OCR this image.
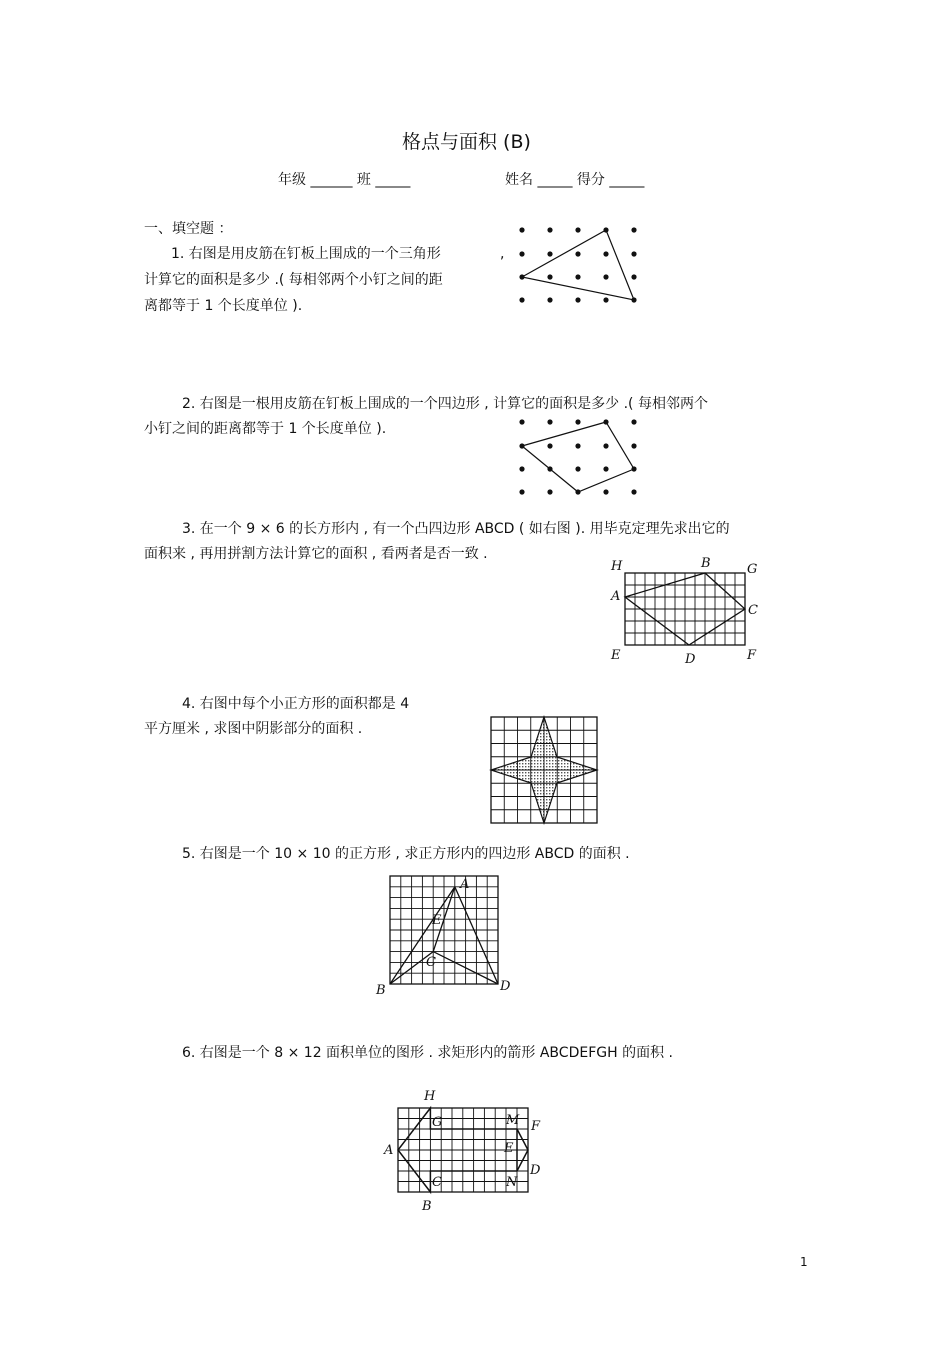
格点与面积 (B)
年级 ______ 班 _____	姓名 _____ 得分 _____
一、填空题 ：
1. 右图是用皮筋在钉板上围成的一个三角形	,
计算它的面积是多少 .( 每相邻两个小钉之间的距
离都等于 1 个长度单位 ).
2. 右图是一根用皮筋在钉板上围成的一个四边形 , 计算它的面积是多少 .( 每相邻两个
小钉之间的距离都等于 1 个长度单位 ).
3. 在一个 9 × 6 的长方形内 , 有一个凸四边形 ABCD ( 如右图 ). 用毕克定理先求出它的
面积来 , 再用拼割方法计算它的面积 , 看两者是否一致 .
H	B	G
A
C
E	D	F
4. 右图中每个小正方形的面积都是 4
平方厘米 , 求图中阴影部分的面积 .
5. 右图是一个 10 × 10 的正方形 , 求正方形内的四边形 ABCD 的面积 .
A
E
C
B	D
6. 右图是一个 8 × 12 面积单位的图形 . 求矩形内的箭形 ABCDEFGH 的面积 .
H
G	M F
A	E
D
C	N
B
1
